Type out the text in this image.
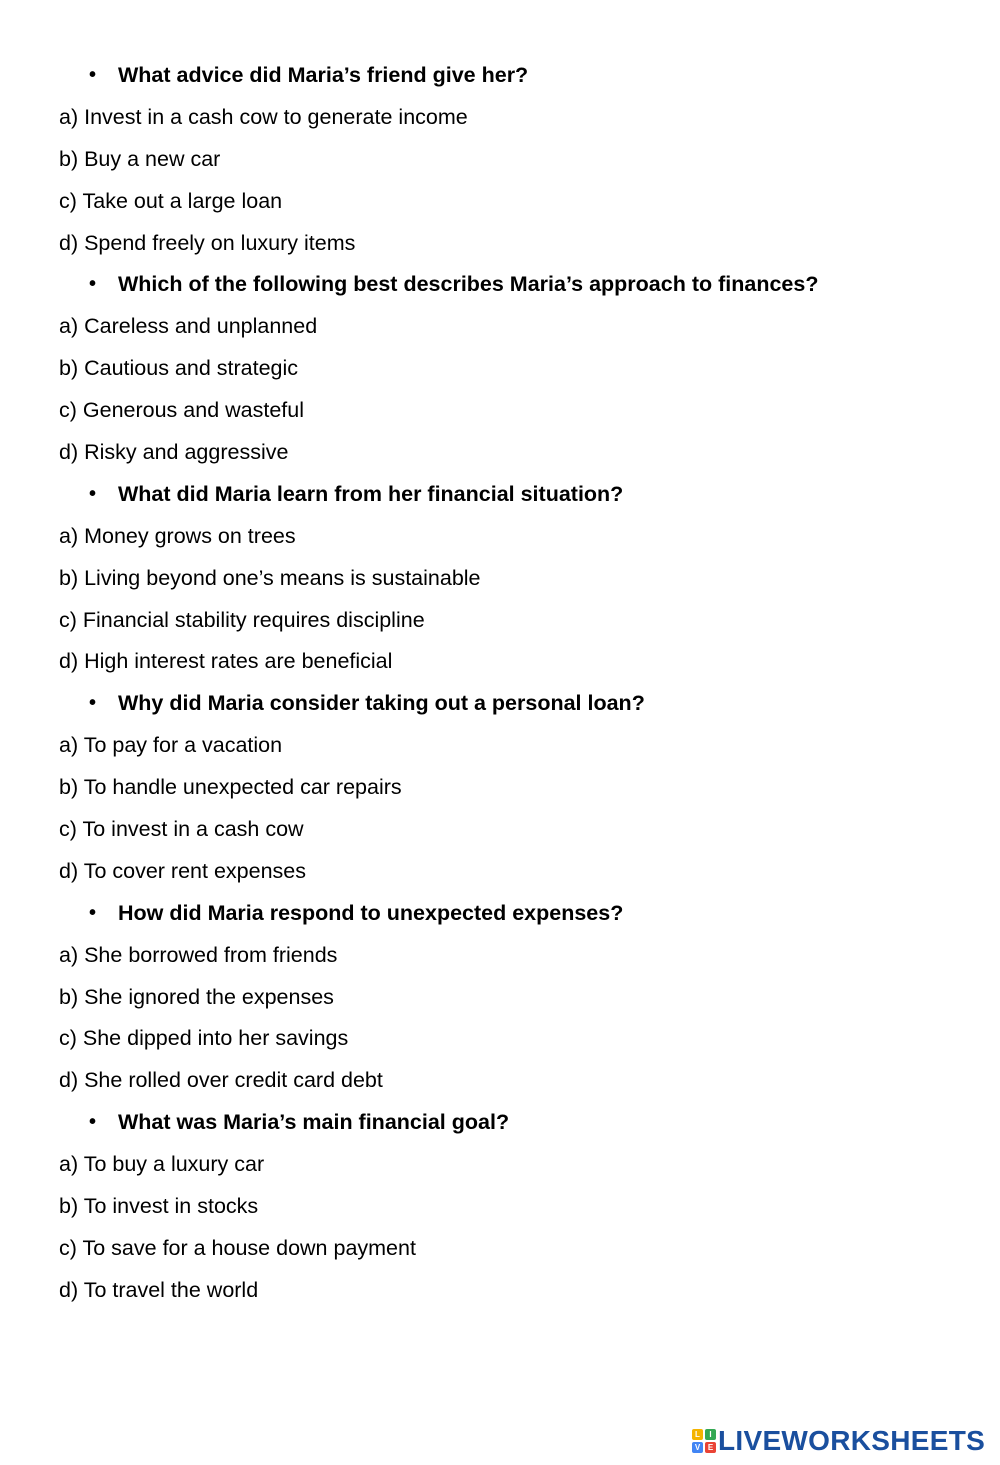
• What advice did Maria’s friend give her?
a) Invest in a cash cow to generate income
b) Buy a new car
c) Take out a large loan
d) Spend freely on luxury items
• Which of the following best describes Maria’s approach to finances?
a) Careless and unplanned
b) Cautious and strategic
c) Generous and wasteful
d) Risky and aggressive
• What did Maria learn from her financial situation?
a) Money grows on trees
b) Living beyond one’s means is sustainable
c) Financial stability requires discipline
d) High interest rates are beneficial
• Why did Maria consider taking out a personal loan?
a) To pay for a vacation
b) To handle unexpected car repairs
c) To invest in a cash cow
d) To cover rent expenses
• How did Maria respond to unexpected expenses?
a) She borrowed from friends
b) She ignored the expenses
c) She dipped into her savings
d) She rolled over credit card debt
• What was Maria’s main financial goal?
a) To buy a luxury car
b) To invest in stocks
c) To save for a house down payment
d) To travel the world
L	I
V E LIVEWORKSHEETS
